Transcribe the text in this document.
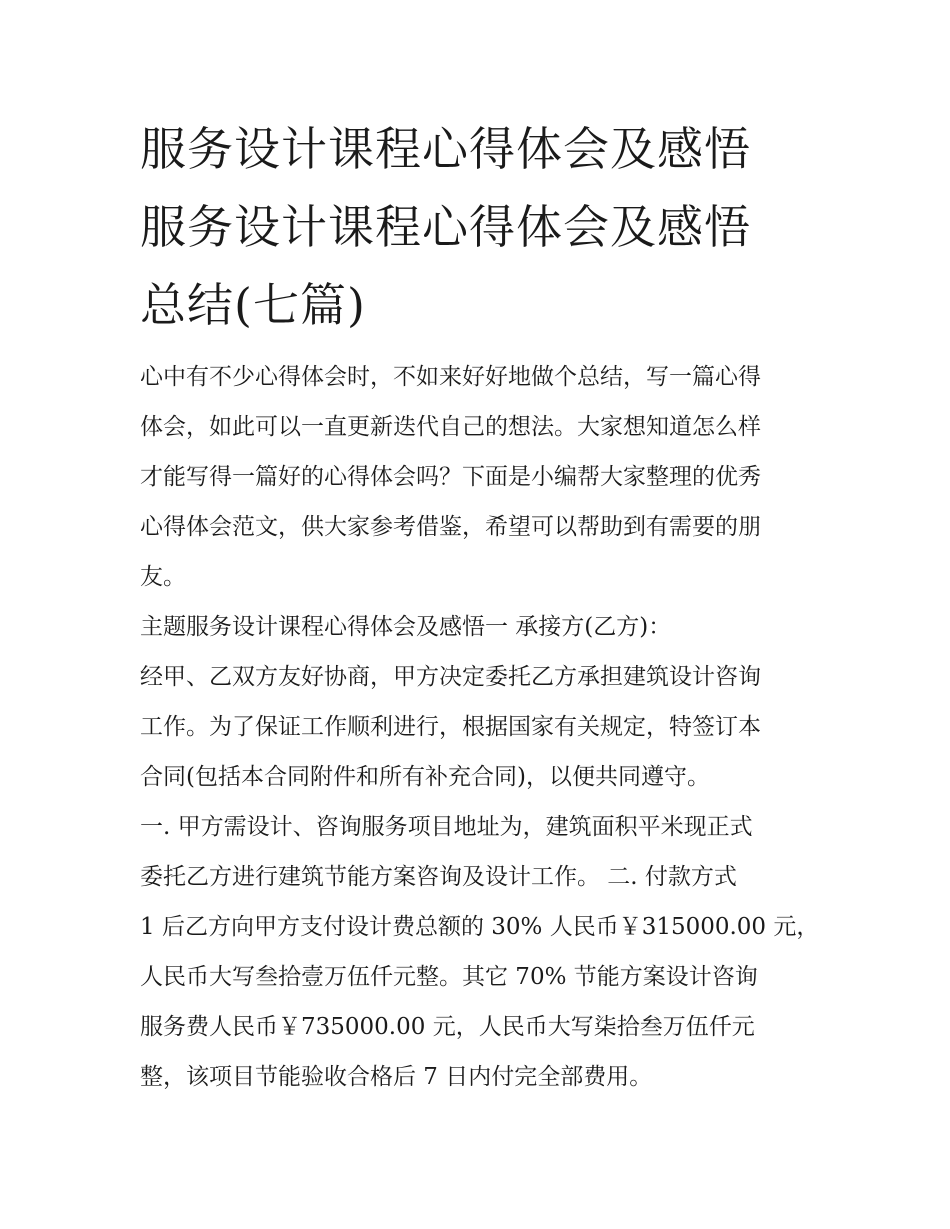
服务设计课程心得体会及感悟

服务设计课程心得体会及感悟

总结(七篇)

心中有不少心得体会时，不如来好好地做个总结，写一篇心得

体会，如此可以一直更新迭代自己的想法。大家想知道怎么样

才能写得一篇好的心得体会吗？下面是小编帮大家整理的优秀

心得体会范文，供大家参考借鉴，希望可以帮助到有需要的朋

友。

主题服务设计课程心得体会及感悟一 承接方(乙方)：

经甲、乙双方友好协商，甲方决定委托乙方承担建筑设计咨询

工作。为了保证工作顺利进行，根据国家有关规定，特签订本

合同(包括本合同附件和所有补充合同)，以便共同遵守。

一. 甲方需设计、咨询服务项目地址为，建筑面积平米现正式

委托乙方进行建筑节能方案咨询及设计工作。 二. 付款方式

1 后乙方向甲方支付设计费总额的 30% 人民币￥315000.00 元，

人民币大写叁拾壹万伍仟元整。其它 70% 节能方案设计咨询

服务费人民币￥735000.00 元，人民币大写柒拾叁万伍仟元

整，该项目节能验收合格后 7 日内付完全部费用。
